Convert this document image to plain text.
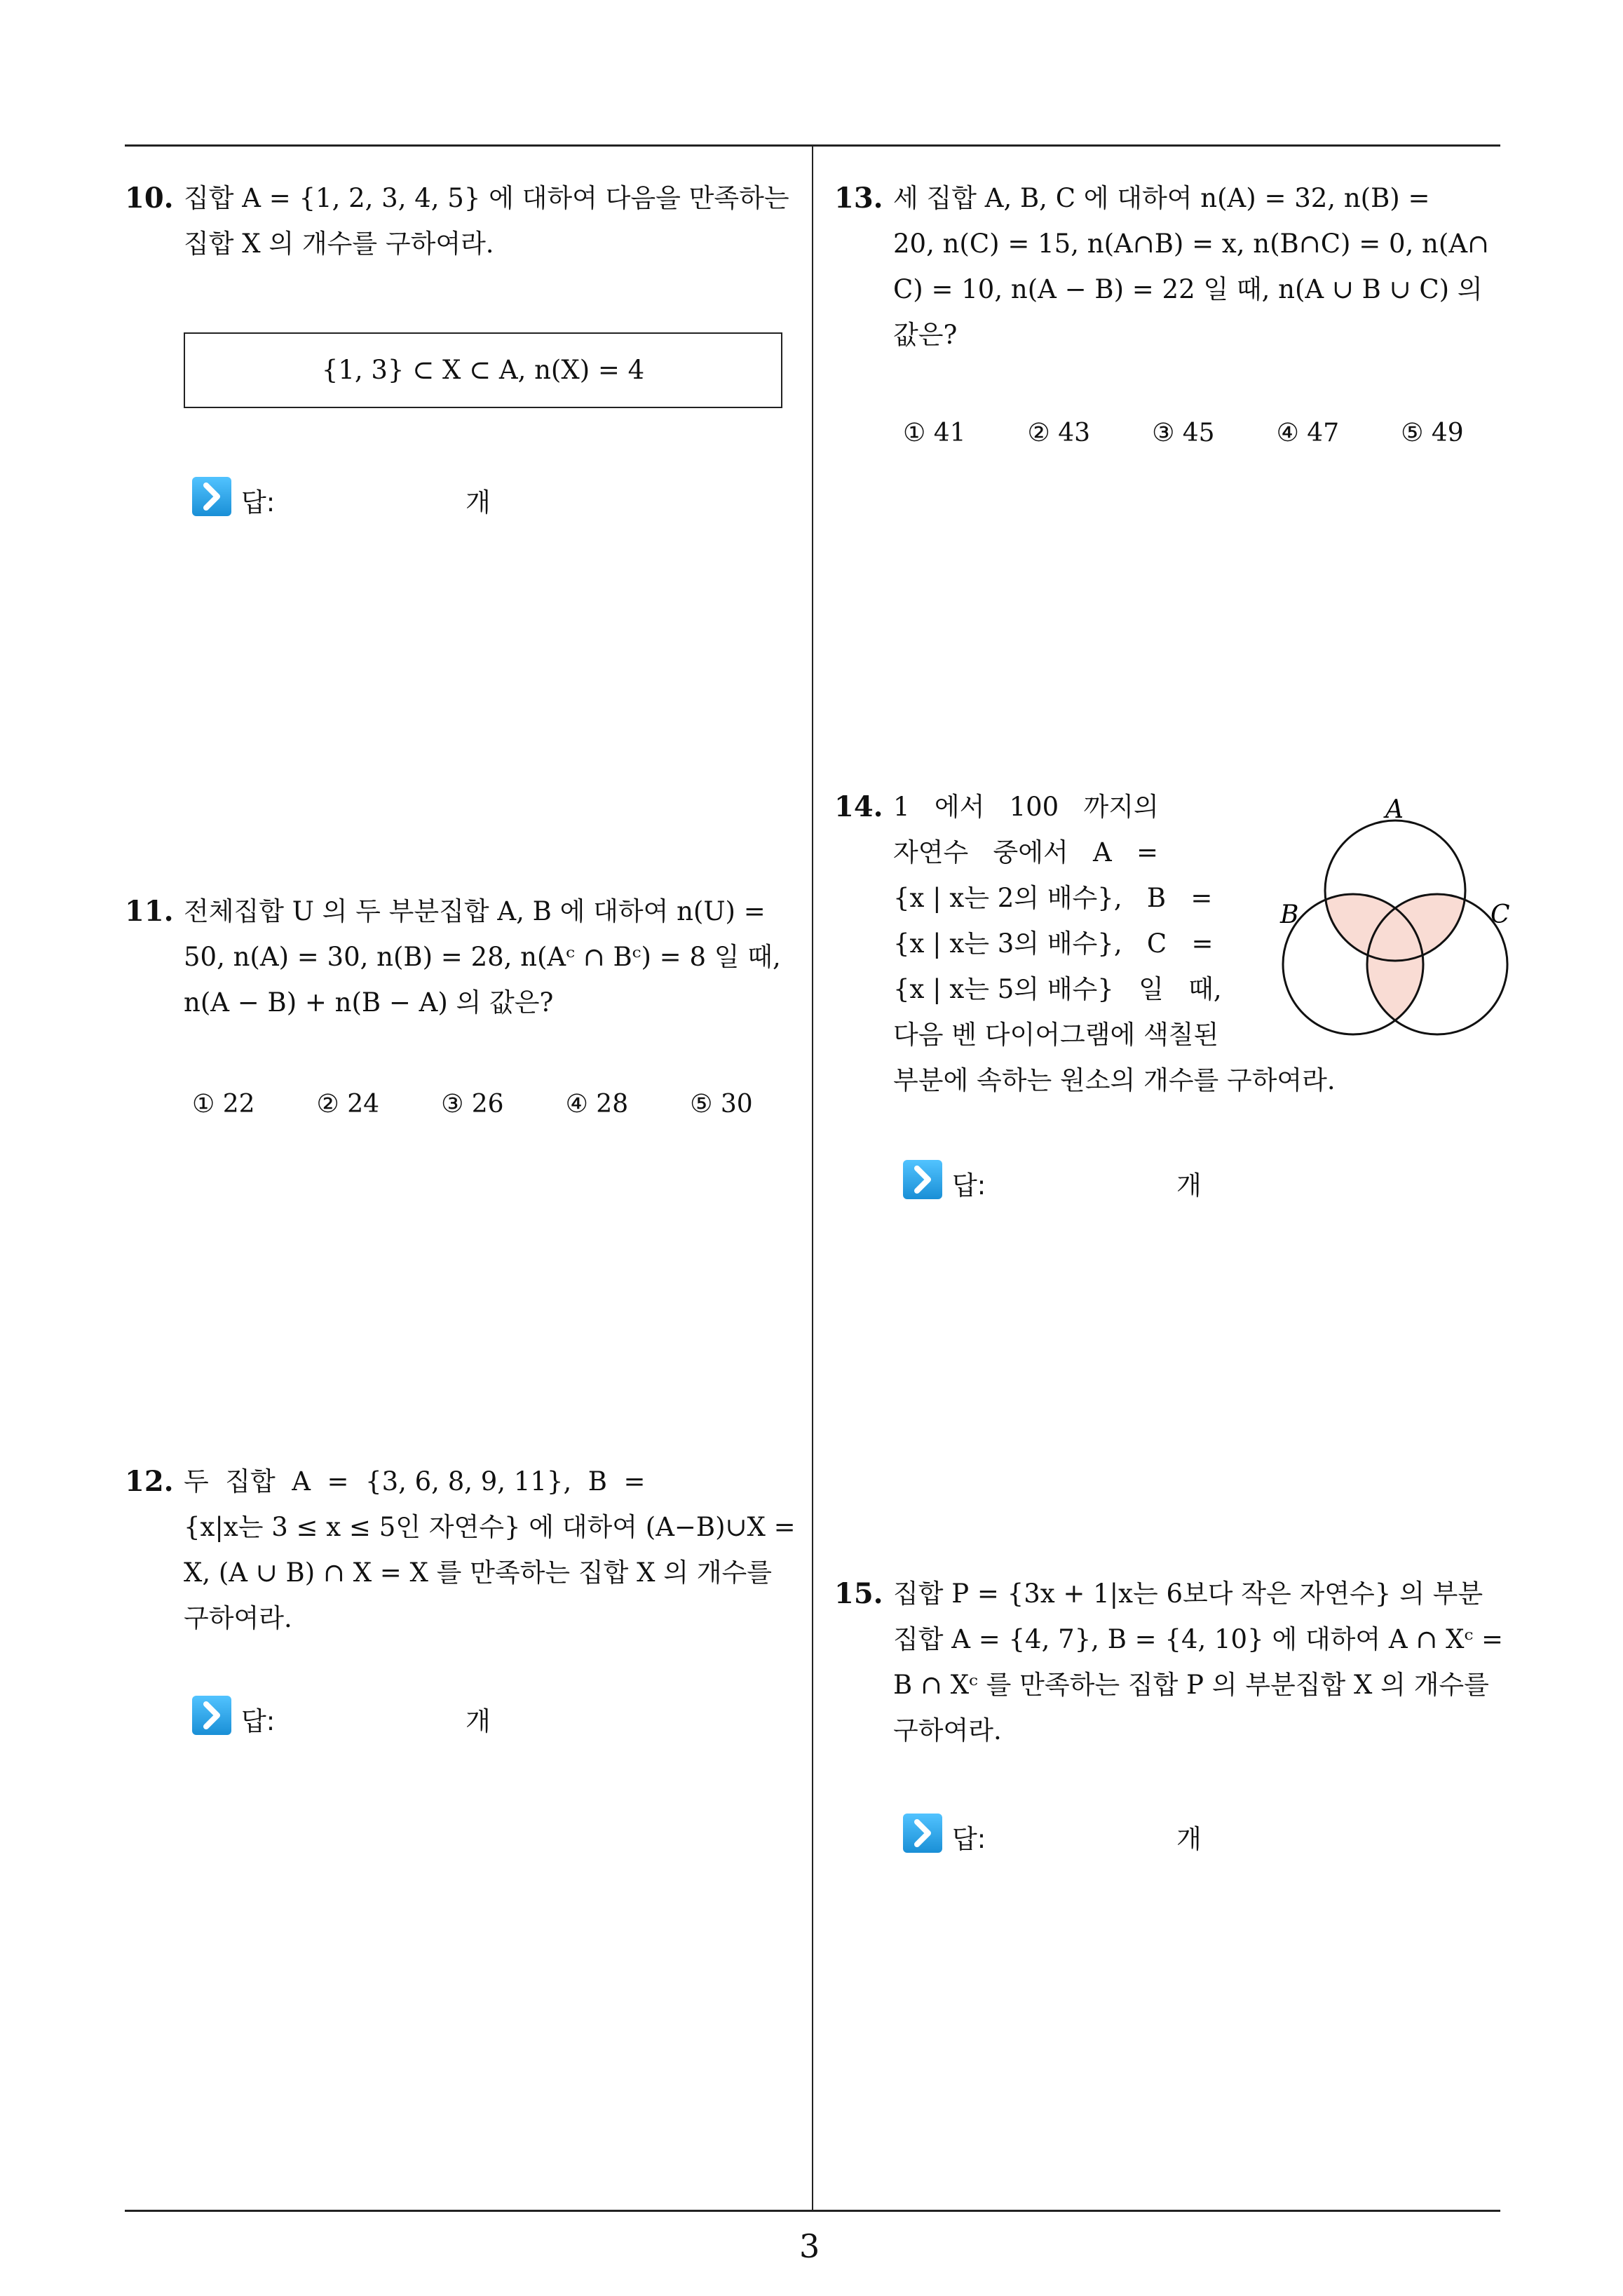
10. 집합 A = {1, 2, 3, 4, 5} 에 대하여 다음을 만족하는
집합 X 의 개수를 구하여라.
{1, 3} ⊂ X ⊂ A, n(X) = 4
답:	개
11. 전체집합 U 의 두 부분집합 A, B 에 대하여 n(U) =
50, n(A) = 30, n(B) = 28, n(Aᶜ ∩ Bᶜ) = 8 일 때,
n(A − B) + n(B − A) 의 값은?
① 22 ② 24 ③ 26 ④ 28 ⑤ 30
12. 두  집합  A  =  {3, 6, 8, 9, 11},  B  =
{x|x는 3 ≤ x ≤ 5인 자연수} 에 대하여 (A−B)∪X =
X, (A ∪ B) ∩ X = X 를 만족하는 집합 X 의 개수를
구하여라.
답:	개
13. 세 집합 A, B, C 에 대하여 n(A) = 32, n(B) =
20, n(C) = 15, n(A∩B) = x, n(B∩C) = 0, n(A∩
C) = 10, n(A − B) = 22 일 때, n(A ∪ B ∪ C) 의
값은?
① 41 ② 43 ③ 45 ④ 47 ⑤ 49
14. 1   에서   100   까지의
자연수   중에서   A   =
{x | x는 2의 배수},   B   =
{x | x는 3의 배수},   C   =
{x | x는 5의 배수}   일   때,
다음 벤 다이어그램에 색칠된
부분에 속하는 원소의 개수를 구하여라.
A
B	C
답:	개
15. 집합 P = {3x + 1|x는 6보다 작은 자연수} 의 부분
집합 A = {4, 7}, B = {4, 10} 에 대하여 A ∩ Xᶜ =
B ∩ Xᶜ 를 만족하는 집합 P 의 부분집합 X 의 개수를
구하여라.
답:	개
3
